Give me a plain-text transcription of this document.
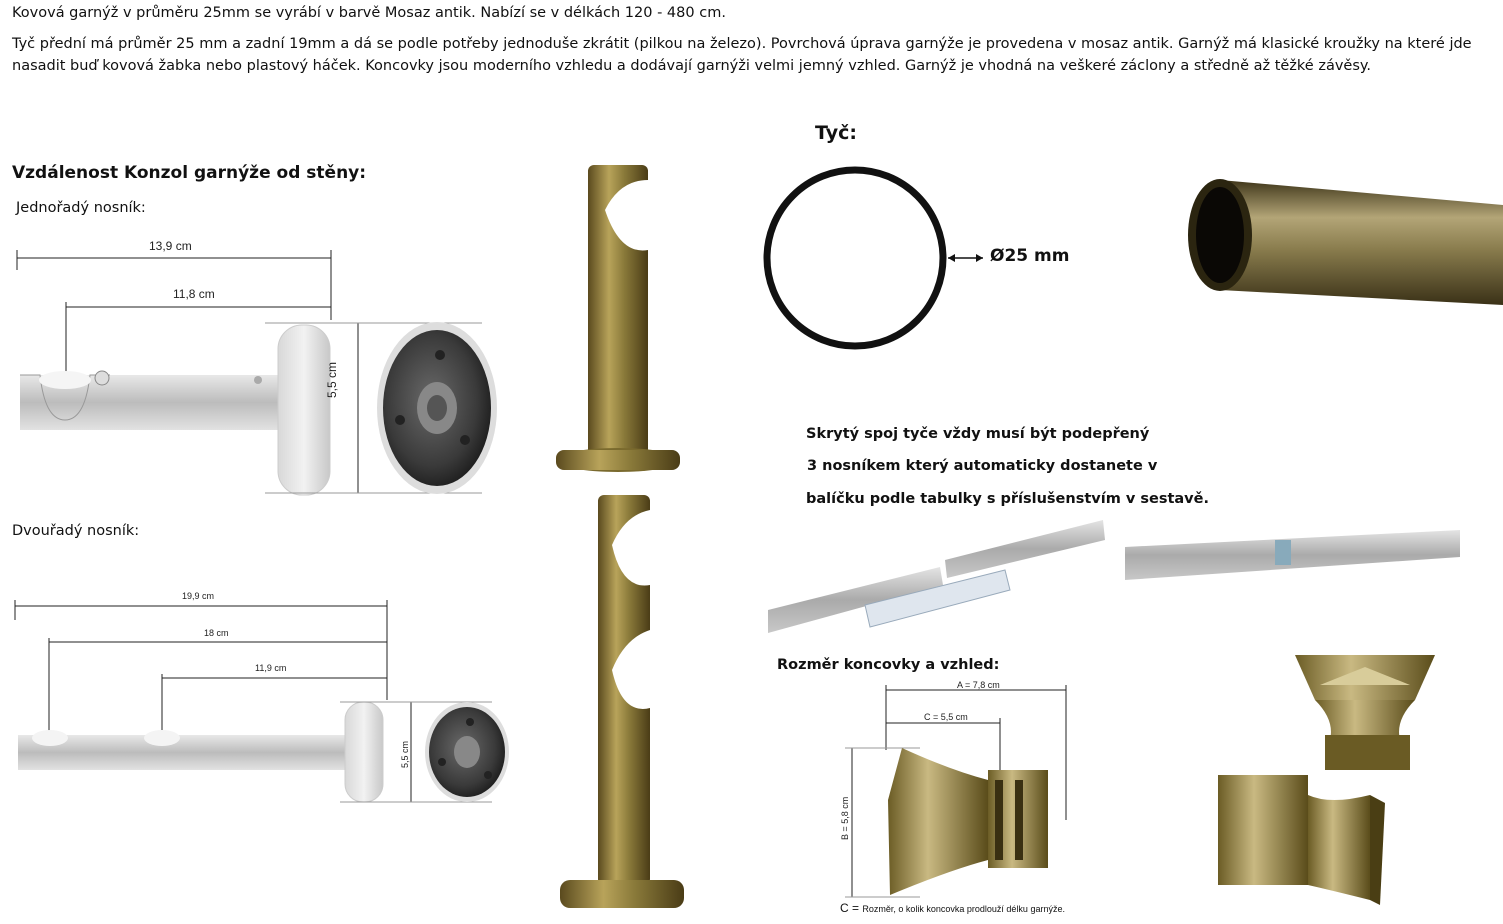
Kovová garnýž v průměru 25mm se vyrábí v barvě Mosaz antik. Nabízí se v délkách 120 - 480 cm.

Tyč přední má průměr 25 mm a zadní 19mm a dá se podle potřeby jednoduše zkrátit (pilkou na železo). Povrchová úprava garnýže je provedena v mosaz antik. Garnýž má klasické kroužky na které jde

nasadit buď kovová žabka nebo plastový háček. Koncovky jsou moderního vzhledu a dodávají garnýži velmi jemný vzhled. Garnýž je vhodná na veškeré záclony a středně až těžké závěsy.

Vzdálenost Konzol garnýže od stěny:
Jednořadý nosník:
13,9 cm
11,8 cm
5,5 cm
Dvouřadý nosník:
19,9 cm
18 cm
11,9 cm
5,5 cm
Tyč:
Ø25 mm
Skrytý spoj tyče vždy musí být podepřený
3 nosníkem který automaticky dostanete v
balíčku podle tabulky s příslušenstvím v sestavě.
Rozměr koncovky a vzhled:
A = 7,8 cm
C = 5,5 cm
B = 5,8 cm
C = Rozměr, o kolik koncovka prodlouží délku garnýže.
